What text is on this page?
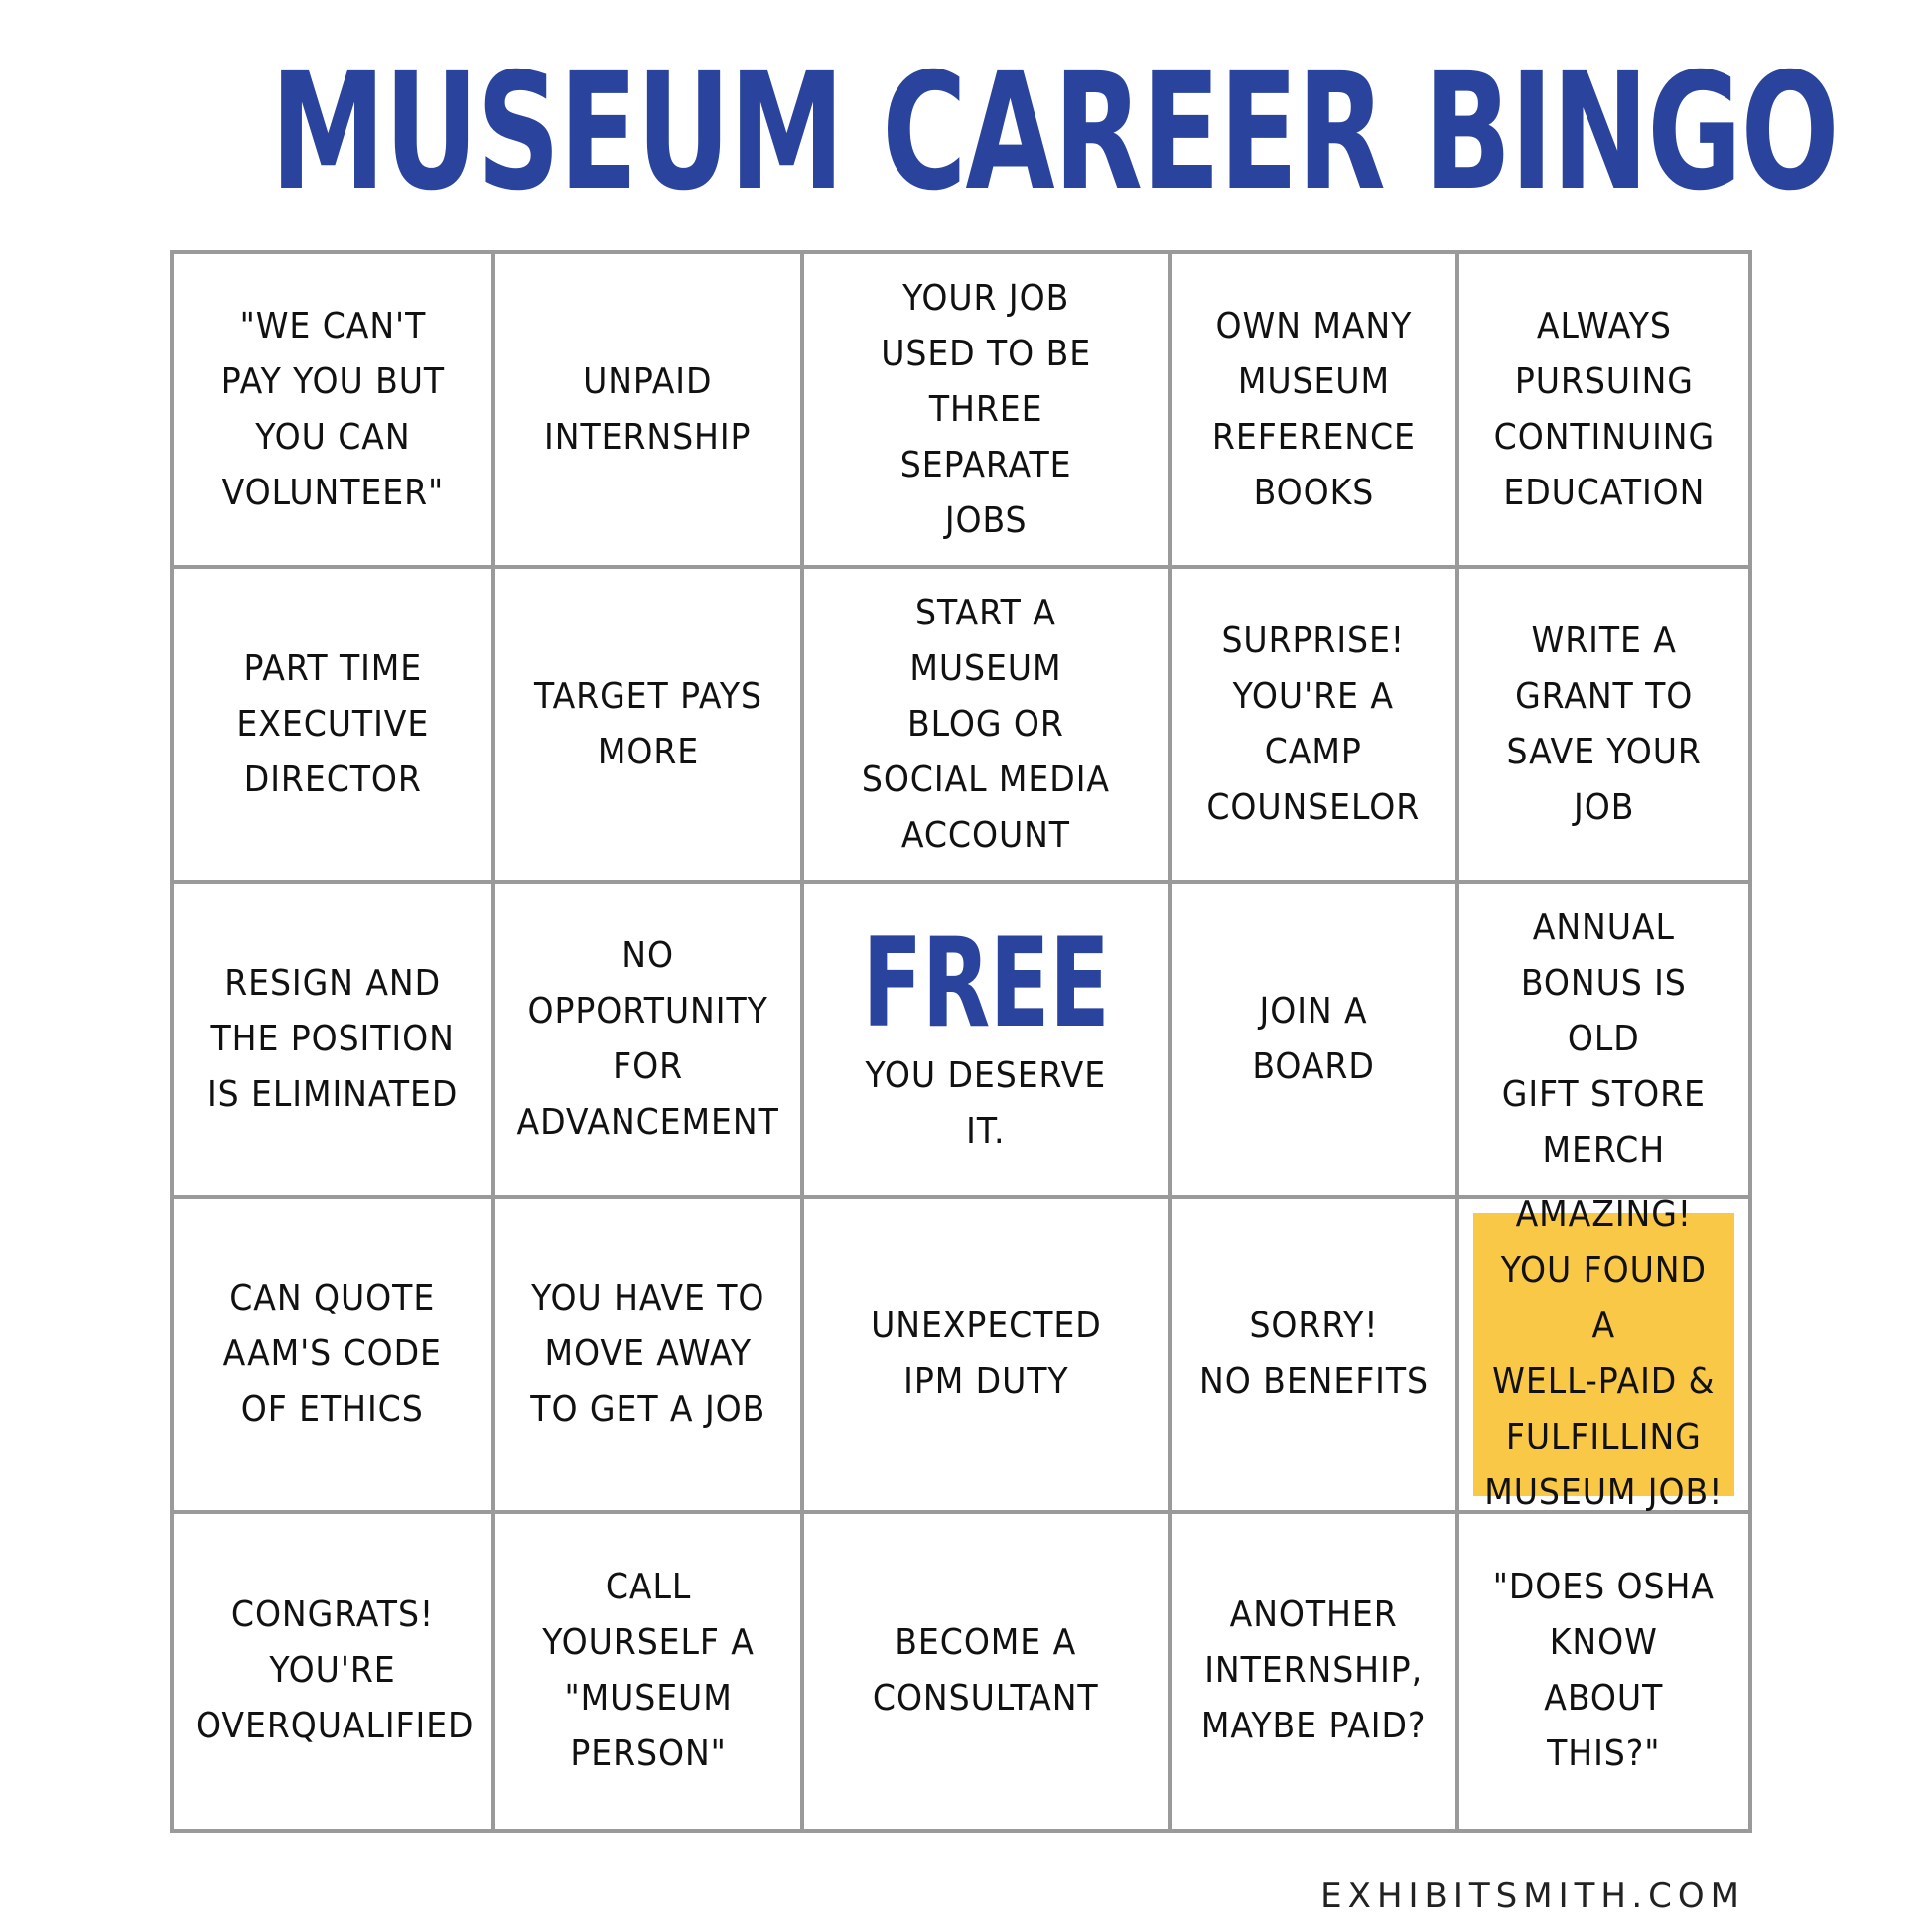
MUSEUM CAREER BINGO
"WE CAN'T
PAY YOU BUT
YOU CAN
VOLUNTEER"
UNPAID
INTERNSHIP
YOUR JOB
USED TO BE
THREE
SEPARATE
JOBS
OWN MANY
MUSEUM
REFERENCE
BOOKS
ALWAYS
PURSUING
CONTINUING
EDUCATION
PART TIME
EXECUTIVE
DIRECTOR
TARGET PAYS
MORE
START A
MUSEUM
BLOG OR
SOCIAL MEDIA
ACCOUNT
SURPRISE!
YOU'RE A
CAMP
COUNSELOR
WRITE A
GRANT TO
SAVE YOUR
JOB
RESIGN AND
THE POSITION
IS ELIMINATED
NO
OPPORTUNITY
FOR
ADVANCEMENT
FREE
YOU DESERVE
IT.
JOIN A
BOARD
ANNUAL
BONUS IS OLD
GIFT STORE
MERCH
CAN QUOTE
AAM'S CODE
OF ETHICS
YOU HAVE TO
MOVE AWAY
TO GET A JOB
UNEXPECTED
IPM DUTY
SORRY!
NO BENEFITS
AMAZING!
YOU FOUND A
WELL-PAID &
FULFILLING
MUSEUM JOB!
CONGRATS!
YOU'RE
OVERQUALIFIED
CALL
YOURSELF A
"MUSEUM
PERSON"
BECOME A
CONSULTANT
ANOTHER
INTERNSHIP,
MAYBE PAID?
"DOES OSHA
KNOW
ABOUT
THIS?"
EXHIBITSMITH.COM
